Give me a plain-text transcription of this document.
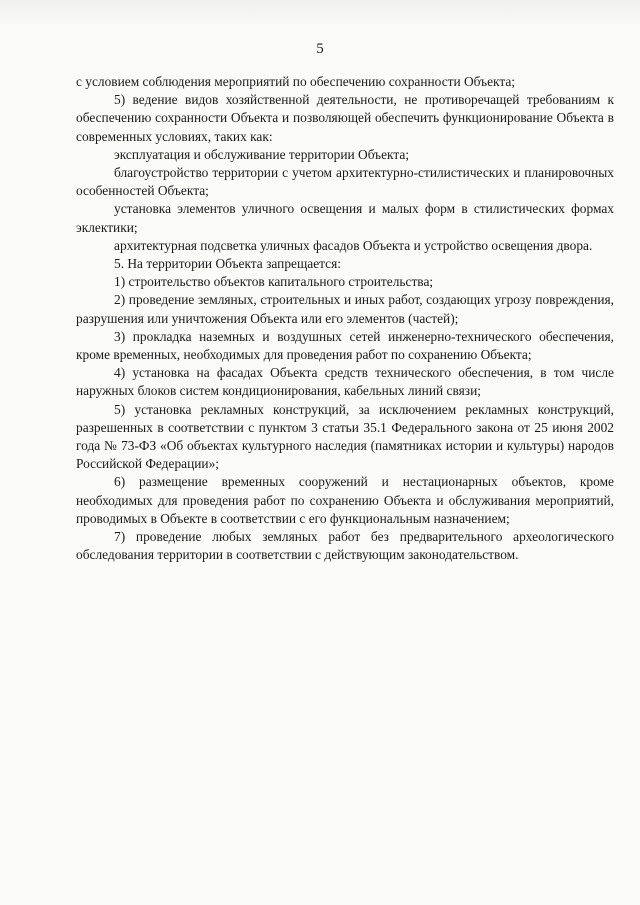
5

с условием соблюдения мероприятий по обеспечению сохранности Объекта;

5) ведение видов хозяйственной деятельности, не противоречащей требованиям к обеспечению сохранности Объекта и позволяющей обеспечить функционирование Объекта в современных условиях, таких как:

эксплуатация и обслуживание территории Объекта;

благоустройство территории с учетом архитектурно-стилистических и планировочных особенностей Объекта;

установка элементов уличного освещения и малых форм в стилистических формах эклектики;

архитектурная подсветка уличных фасадов Объекта и устройство освещения двора.

5. На территории Объекта запрещается:

1) строительство объектов капитального строительства;

2) проведение земляных, строительных и иных работ, создающих угрозу повреждения, разрушения или уничтожения Объекта или его элементов (частей);

3) прокладка наземных и воздушных сетей инженерно-технического обеспечения, кроме временных, необходимых для проведения работ по сохранению Объекта;

4) установка на фасадах Объекта средств технического обеспечения, в том числе наружных блоков систем кондиционирования, кабельных линий связи;

5) установка рекламных конструкций, за исключением рекламных конструкций, разрешенных в соответствии с пунктом 3 статьи 35.1 Федерального закона от 25 июня 2002 года № 73-ФЗ «Об объектах культурного наследия (памятниках истории и культуры) народов Российской Федерации»;

6) размещение временных сооружений и нестационарных объектов, кроме необходимых для проведения работ по сохранению Объекта и обслуживания мероприятий, проводимых в Объекте в соответствии с его функциональным назначением;

7) проведение любых земляных работ без предварительного археологического обследования территории в соответствии с действующим законодательством.
